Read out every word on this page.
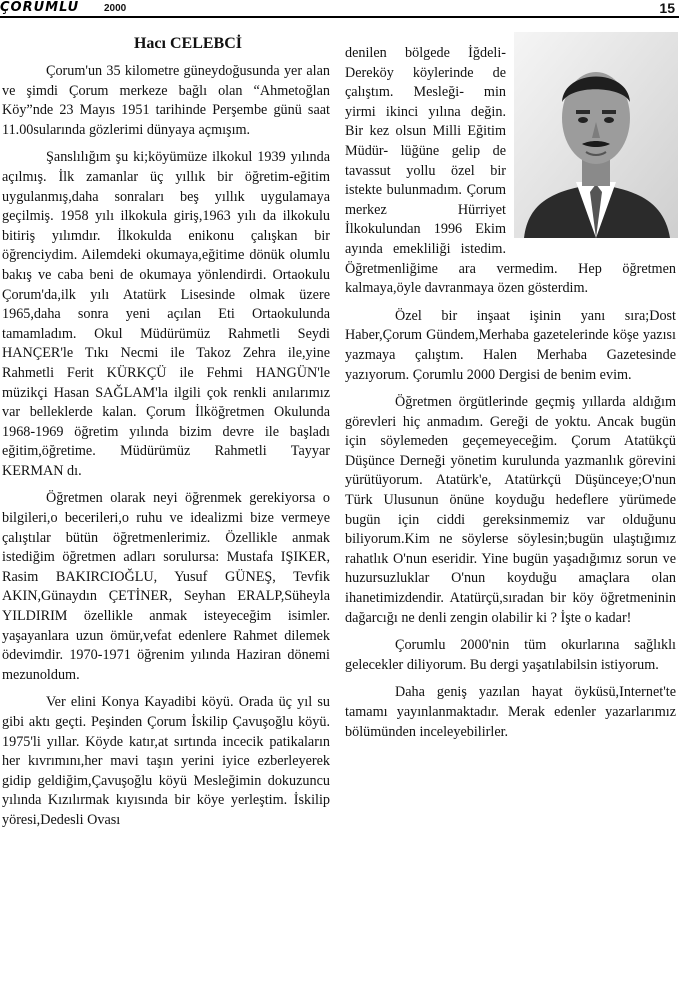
ÇORUMLU 2000	15

Hacı CELEBCİ

Çorum'un 35 kilometre güneydoğusunda yer alan ve şimdi Çorum merkeze bağlı olan “Ahmetoğlan Köy”nde 23 Mayıs 1951 tarihinde Perşembe günü saat 11.00sularında gözlerimi dünyaya açmışım.

Şanslılığım şu ki;köyümüze ilkokul 1939 yılında açılmış. İlk zamanlar üç yıllık bir öğretim-eğitim uygulanmış,daha sonraları beş yıllık uygulamaya geçilmiş. 1958 yılı ilkokula giriş,1963 yılı da ilkokulu bitiriş yılımdır. İlkokulda enikonu çalışkan bir öğrenciydim. Ailemdeki okumaya,eğitime dönük olumlu bakış ve caba beni de okumaya yönlendirdi. Ortaokulu Çorum'da,ilk yılı Atatürk Lisesinde olmak üzere 1965,daha sonra yeni açılan Eti Ortaokulunda tamamladım. Okul Müdürümüz Rahmetli Seydi HANÇER'le Tıkı Necmi ile Takoz Zehra ile,yine Rahmetli Ferit KÜRKÇÜ ile Fehmi HANGÜN'le müzikçi Hasan SAĞLAM'la ilgili çok renkli anılarımız var belleklerde kalan. Çorum İlköğretmen Okulunda 1968-1969 öğretim yılında bizim devre ile başladı eğitim,öğretime. Müdürümüz Rahmetli Tayyar KERMAN dı.

Öğretmen olarak neyi öğrenmek gerekiyorsa o bilgileri,o becerileri,o ruhu ve idealizmi bize vermeye çalıştılar bütün öğretmenlerimiz. Özellikle anmak istediğim öğretmen adları sorulursa: Mustafa IŞIKER, Rasim BAKIRCIOĞLU, Yusuf GÜNEŞ, Tevfik AKIN,Günaydın ÇETİNER, Seyhan ERALP,Süheyla YILDIRIM özellikle anmak isteyeceğim isimler. yaşayanlara uzun ömür,vefat edenlere Rahmet dilemek ödevimdir. 1970-1971 öğrenim yılında Haziran dönemi mezunoldum.

Ver elini Konya Kayadibi köyü. Orada üç yıl su gibi aktı geçti. Peşinden Çorum İskilip Çavuşoğlu köyü. 1975'li yıllar. Köyde katır,at sırtında incecik patikaların her kıvrımını,her mavi taşın yerini iyice ezberleyerek gidip geldiğim,Çavuşoğlu köyü Mesleğimin dokuzuncu yılında Kızılırmak kıyısında bir köye yerleştim. İskilip yöresi,Dedesli Ovası

denilen bölgede İğdeli-Dereköy köylerinde de çalıştım. Mesleği- min yirmi ikinci yılına değin. Bir kez olsun Milli Eğitim Müdür- lüğüne gelip de tavassut yollu özel bir istekte bulunmadım. Çorum merkez Hürriyet İlkokulundan 1996 Ekim ayında emekliliği istedim. Öğretmenliğime ara vermedim. Hep öğretmen kalmaya,öyle davranmaya özen gösterdim.

Özel bir inşaat işinin yanı sıra;Dost Haber,Çorum Gündem,Merhaba gazetelerinde köşe yazısı yazmaya çalıştım. Halen Merhaba Gazetesinde yazıyorum. Çorumlu 2000 Dergisi de benim evim.

Öğretmen örgütlerinde geçmiş yıllarda aldığım görevleri hiç anmadım. Gereği de yoktu. Ancak bugün için söylemeden geçemeyeceğim. Çorum Atatükçü Düşünce Derneği yönetim kurulunda yazmanlık görevini yürütüyorum. Atatürk'e, Atatürkçü Düşünceye;O'nun Türk Ulusunun önüne koyduğu hedeflere yürümede bugün için ciddi gereksinmemiz var olduğunu biliyorum.Kim ne söylerse söylesin;bugün ulaştığımız rahatlık O'nun eseridir. Yine bugün yaşadığımız sorun ve huzursuzluklar O'nun koyduğu amaçlara olan ihanetimizdendir. Atatürçü,sıradan bir köy öğretmeninin dağarcığı ne denli zengin olabilir ki ? İşte o kadar!

Çorumlu 2000'nin tüm okurlarına sağlıklı gelecekler diliyorum. Bu dergi yaşatılabilsin istiyorum.

Daha geniş yazılan hayat öyküsü,Internet'te tamamı yayınlanmaktadır. Merak edenler yazarlarımız bölümünden inceleyebilirler.
